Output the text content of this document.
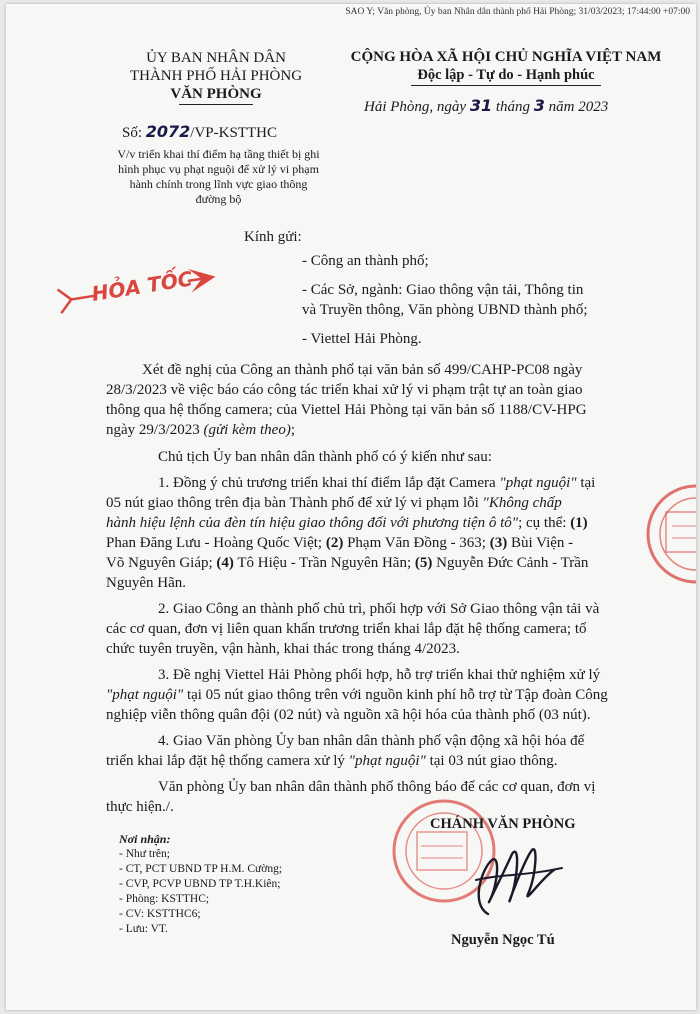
SAO Y; Văn phòng, Ủy ban Nhân dân thành phố Hải Phòng; 31/03/2023; 17:44:00 +07:00
ỦY BAN NHÂN DÂN
THÀNH PHỐ HẢI PHÒNG
VĂN PHÒNG
CỘNG HÒA XÃ HỘI CHỦ NGHĨA VIỆT NAM
Độc lập - Tự do - Hạnh phúc
Hải Phòng, ngày 31 tháng 3 năm 2023
Số: 2072/VP-KSTTHC
V/v triển khai thí điểm hạ tầng thiết bị ghi hình phục vụ phạt nguội để xử lý vi phạm hành chính trong lĩnh vực giao thông đường bộ
HỎA TỐC
Kính gửi:
- Công an thành phố;
- Các Sở, ngành: Giao thông vận tải, Thông tin
và Truyền thông, Văn phòng UBND thành phố;
- Viettel Hải Phòng.
Xét đề nghị của Công an thành phố tại văn bản số 499/CAHP-PC08 ngày
28/3/2023 về việc báo cáo công tác triển khai xử lý vi phạm trật tự an toàn giao
thông qua hệ thống camera; của Viettel Hải Phòng tại văn bản số 1188/CV-HPG
ngày 29/3/2023 (gửi kèm theo);
Chủ tịch Ủy ban nhân dân thành phố có ý kiến như sau:
1. Đồng ý chủ trương triển khai thí điểm lắp đặt Camera "phạt nguội" tại
05 nút giao thông trên địa bàn Thành phố để xử lý vi phạm lỗi "Không chấp
hành hiệu lệnh của đèn tín hiệu giao thông đối với phương tiện ô tô"; cụ thể: (1)
Phan Đăng Lưu - Hoàng Quốc Việt; (2) Phạm Văn Đồng - 363; (3) Bùi Viện -
Võ Nguyên Giáp; (4) Tô Hiệu - Trần Nguyên Hãn; (5) Nguyễn Đức Cảnh - Trần
Nguyên Hãn.
2. Giao Công an thành phố chủ trì, phối hợp với Sở Giao thông vận tải và
các cơ quan, đơn vị liên quan khẩn trương triển khai lắp đặt hệ thống camera; tổ
chức tuyên truyền, vận hành, khai thác trong tháng 4/2023.
3. Đề nghị Viettel Hải Phòng phối hợp, hỗ trợ triển khai thử nghiệm xử lý
"phạt nguội" tại 05 nút giao thông trên với nguồn kinh phí hỗ trợ từ Tập đoàn Công
nghiệp viễn thông quân đội (02 nút) và nguồn xã hội hóa của thành phố (03 nút).
4. Giao Văn phòng Ủy ban nhân dân thành phố vận động xã hội hóa để
triển khai lắp đặt hệ thống camera xử lý "phạt nguội" tại 03 nút giao thông.
Văn phòng Ủy ban nhân dân thành phố thông báo để các cơ quan, đơn vị
thực hiện./.
Nơi nhận:
- Như trên;
- CT, PCT UBND TP H.M. Cường;
- CVP, PCVP UBND TP T.H.Kiên;
- Phòng: KSTTHC;
- CV: KSTTHC6;
- Lưu: VT.
CHÁNH VĂN PHÒNG
Nguyễn Ngọc Tú
